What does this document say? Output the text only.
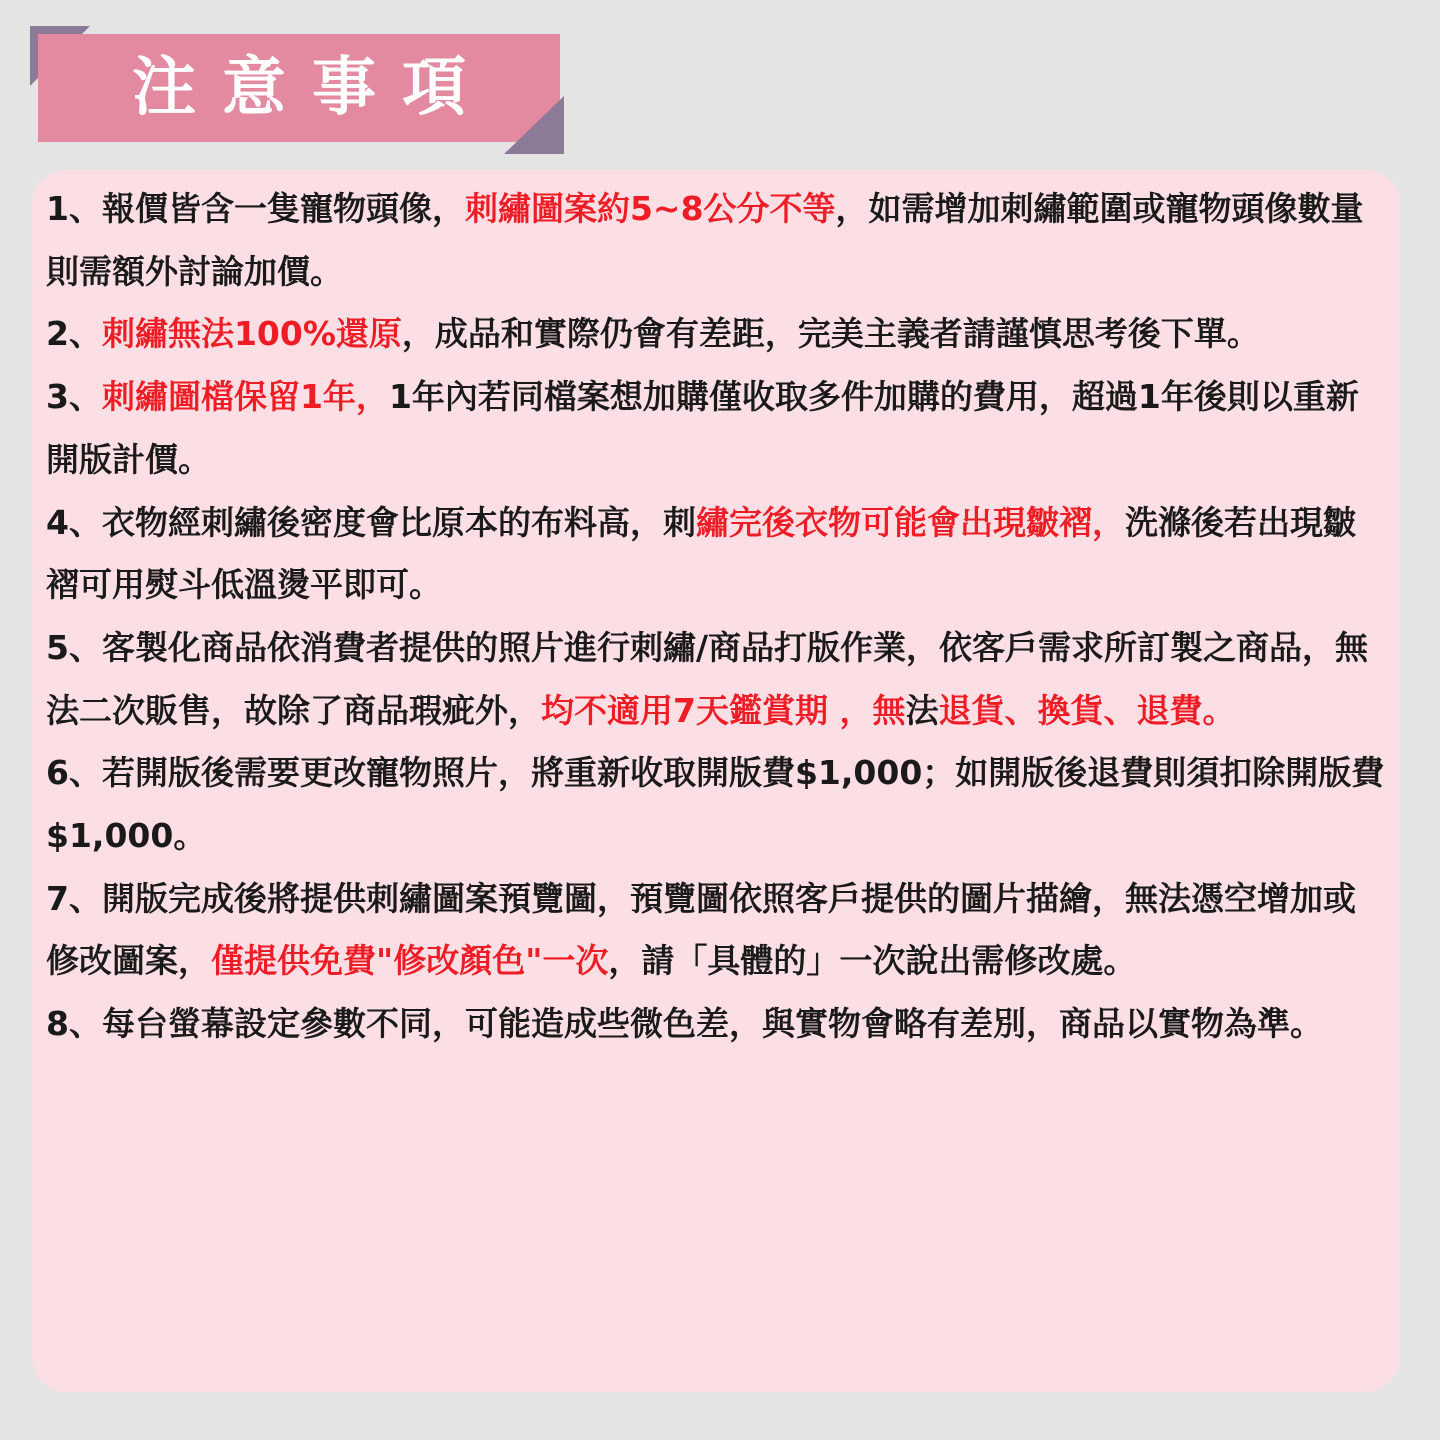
注意事項
1、報價皆含一隻寵物頭像，刺繡圖案約5~8公分不等，如需增加刺繡範圍或寵物頭像數量則需額外討論加價。
2、刺繡無法100%還原，成品和實際仍會有差距，完美主義者請謹慎思考後下單。
3、刺繡圖檔保留1年，1年內若同檔案想加購僅收取多件加購的費用，超過1年後則以重新開版計價。
4、衣物經刺繡後密度會比原本的布料高，刺繡完後衣物可能會出現皺褶，洗滌後若出現皺褶可用熨斗低溫燙平即可。
5、客製化商品依消費者提供的照片進行刺繡/商品打版作業，依客戶需求所訂製之商品，無法二次販售，故除了商品瑕疵外，均不適用7天鑑賞期 ，無法退貨、換貨、退費。
6、若開版後需要更改寵物照片，將重新收取開版費$1,000；如開版後退費則須扣除開版費$1,000。
7、開版完成後將提供刺繡圖案預覽圖，預覽圖依照客戶提供的圖片描繪，無法憑空增加或修改圖案，僅提供免費"修改顏色"一次，請「具體的」一次說出需修改處。
8、每台螢幕設定參數不同，可能造成些微色差，與實物會略有差別，商品以實物為準。
